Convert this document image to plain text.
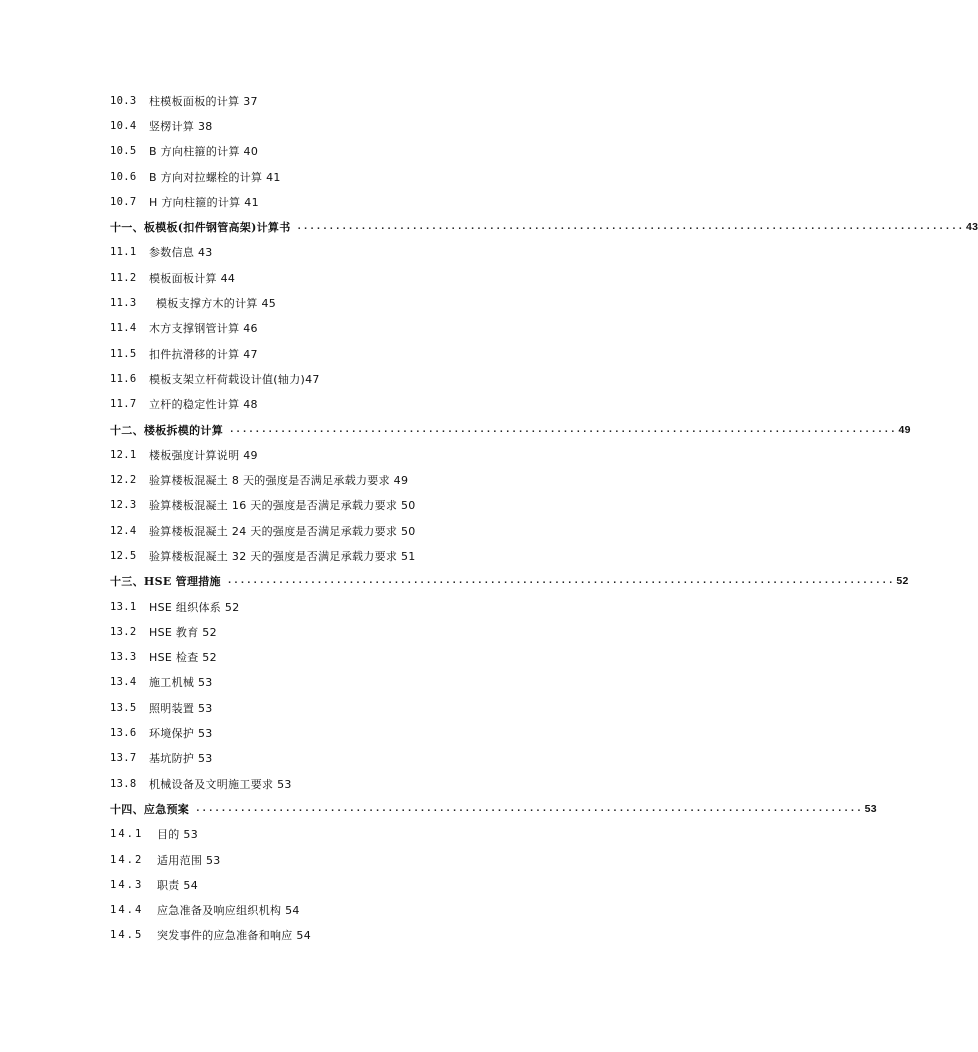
10.3	柱模板面板的计算 37
10.4	竖楞计算 38
10.5	B 方向柱箍的计算 40
10.6	B 方向对拉螺栓的计算 41
10.7	H 方向柱箍的计算 41
十一、板模板(扣件钢管高架)计算书 ........................................................................................................ 43
11.1	参数信息 43
11.2	模板面板计算 44
11.3	模板支撑方木的计算 45
11.4	木方支撑钢管计算 46
11.5	扣件抗滑移的计算 47
11.6	模板支架立杆荷载设计值(轴力)47
11.7	立杆的稳定性计算 48
十二、楼板拆模的计算 ........................................................................................................ 49
12.1	楼板强度计算说明 49
12.2	验算楼板混凝土 8 天的强度是否满足承载力要求 49
12.3	验算楼板混凝土 16 天的强度是否满足承载力要求 50
12.4	验算楼板混凝土 24 天的强度是否满足承载力要求 50
12.5	验算楼板混凝土 32 天的强度是否满足承载力要求 51
十三、HSE 管理措施 ........................................................................................................ 52
13.1	HSE 组织体系 52
13.2	HSE 教育 52
13.3	HSE 检查 52
13.4	施工机械 53
13.5	照明装置 53
13.6	环境保护 53
13.7	基坑防护 53
13.8	机械设备及文明施工要求 53
十四、应急预案 ........................................................................................................ 53
14.1	目的 53
14.2	适用范围 53
14.3	职责 54
14.4	应急准备及响应组织机构 54
14.5	突发事件的应急准备和响应 54
